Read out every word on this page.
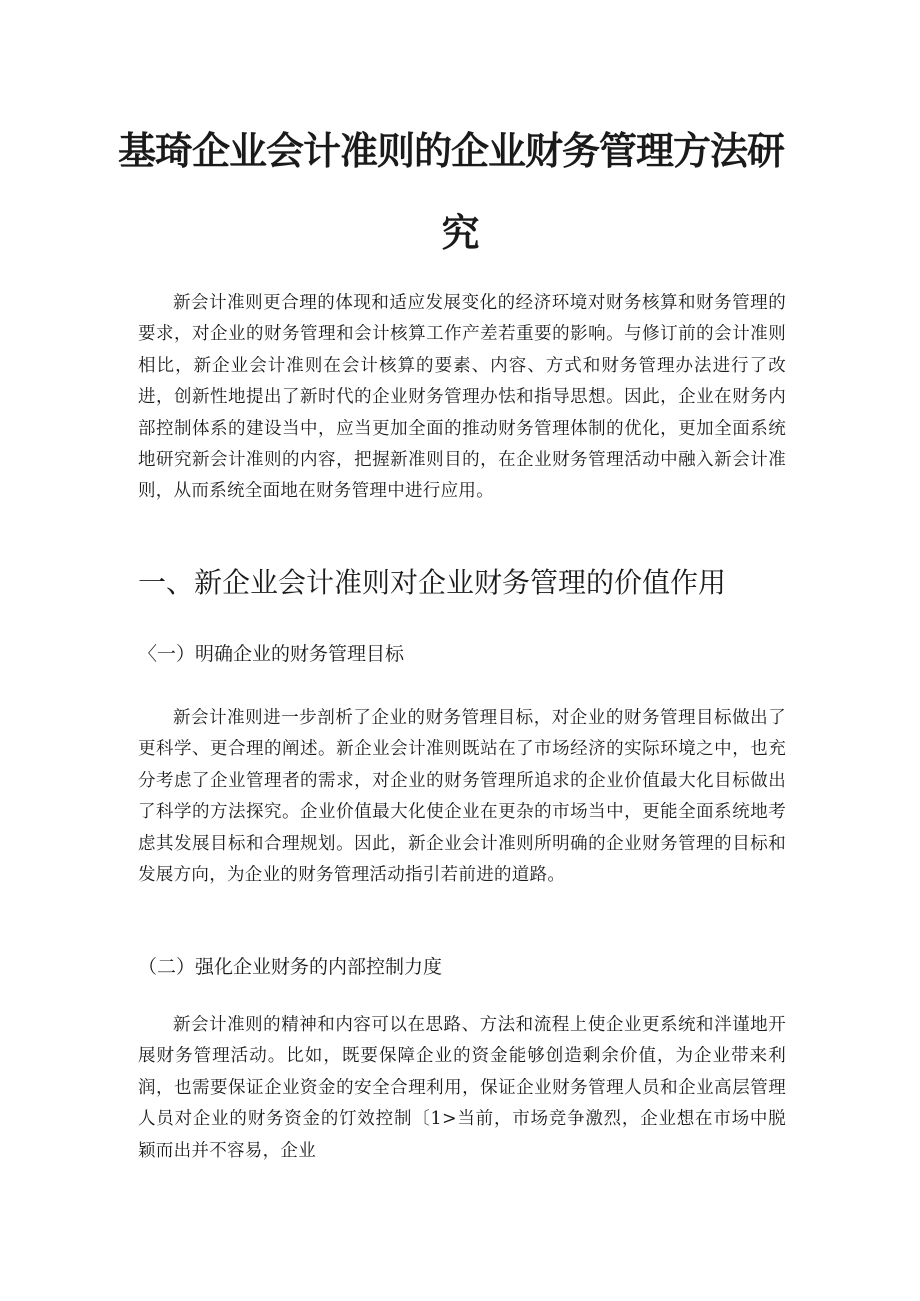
基琦企业会计准则的企业财务管理方法研
究

新会计准则更合理的体现和适应发展变化的经济环境对财务核算和财务管理的要求，对企业的财务管理和会计核算工作产差若重要的影响。与修订前的会计准则相比，新企业会计准则在会计核算的要素、内容、方式和财务管理办法进行了改进，创新性地提出了新时代的企业财务管理办怯和指导思想。因此，企业在财务内部控制体系的建设当中，应当更加全面的推动财务管理体制的优化，更加全面系统地研究新会计准则的内容，把握新准则目的，在企业财务管理活动中融入新会计准则，从而系统全面地在财务管理中进行应用。

一、新企业会计准则对企业财务管理的价值作用
〈一）明确企业的财务管理目标

新会计准则进一步剖析了企业的财务管理目标，对企业的财务管理目标做出了更科学、更合理的阐述。新企业会计准则既站在了市场经济的实际环境之中，也充分考虑了企业管理者的需求，对企业的财务管理所追求的企业价值最大化目标做出了科学的方法探究。企业价值最大化使企业在更杂的市场当中，更能全面系统地考虑其发展目标和合理规划。因此，新企业会计准则所明确的企业财务管理的目标和发展方向，为企业的财务管理活动指引若前进的道路。

（二）强化企业财务的内部控制力度

新会计准则的精神和内容可以在思路、方法和流程上使企业更系统和泮谨地开展财务管理活动。比如，既要保障企业的资金能够创造剩余价值，为企业带来利润，也需要保证企业资金的安全合理利用，保证企业财务管理人员和企业高层管理人员对企业的财务资金的饤效控制〔1>当前，市场竞争激烈，企业想在市场中脱颖而出并不容易，企业
